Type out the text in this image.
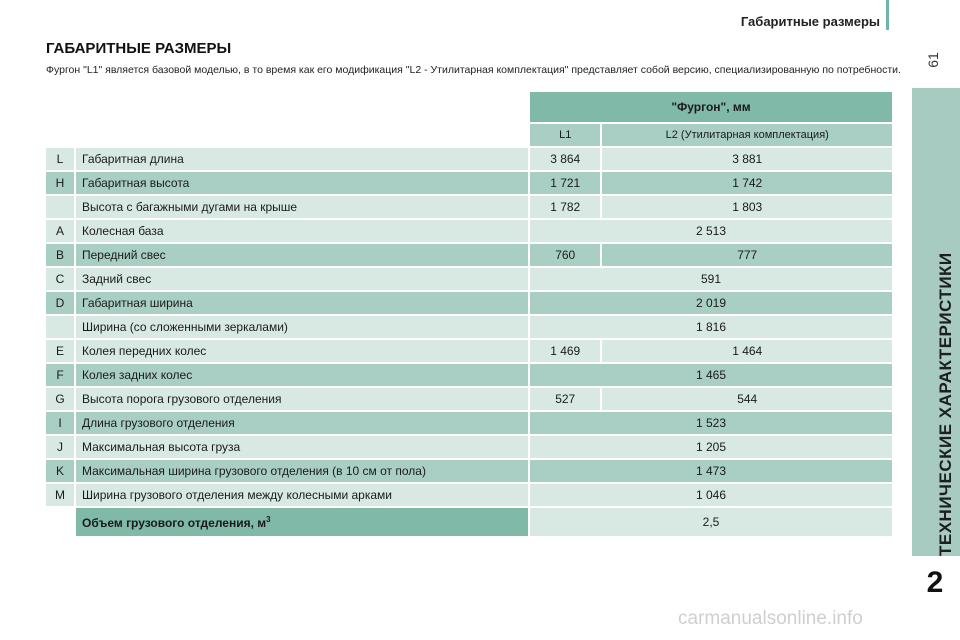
Габаритные размеры
61
ТЕХНИЧЕСКИЕ ХАРАКТЕРИСТИКИ
2
ГАБАРИТНЫЕ РАЗМЕРЫ
Фургон "L1" является базовой моделью, в то время как его модификация "L2 - Утилитарная комплектация" представляет собой версию, специализированную по потребности.
		"Фургон", мм	
		L1	L2 (Утилитарная комплектация)
L	Габаритная длина	3 864	3 881
H	Габаритная высота	1 721	1 742
	Высота с багажными дугами на крыше	1 782	1 803
A	Колесная база	2 513	
B	Передний свес	760	777
C	Задний свес	591	
D	Габаритная ширина	2 019	
	Ширина (со сложенными зеркалами)	1 816	
E	Колея передних колес	1 469	1 464
F	Колея задних колес	1 465	
G	Высота порога грузового отделения	527	544
I	Длина грузового отделения	1 523	
J	Максимальная высота груза	1 205	
K	Максимальная ширина грузового отделения (в 10 см от пола)	1 473	
M	Ширина грузового отделения между колесными арками	1 046	
	Объем грузового отделения, $м^3$	2,5	
carmanualsonline.info
